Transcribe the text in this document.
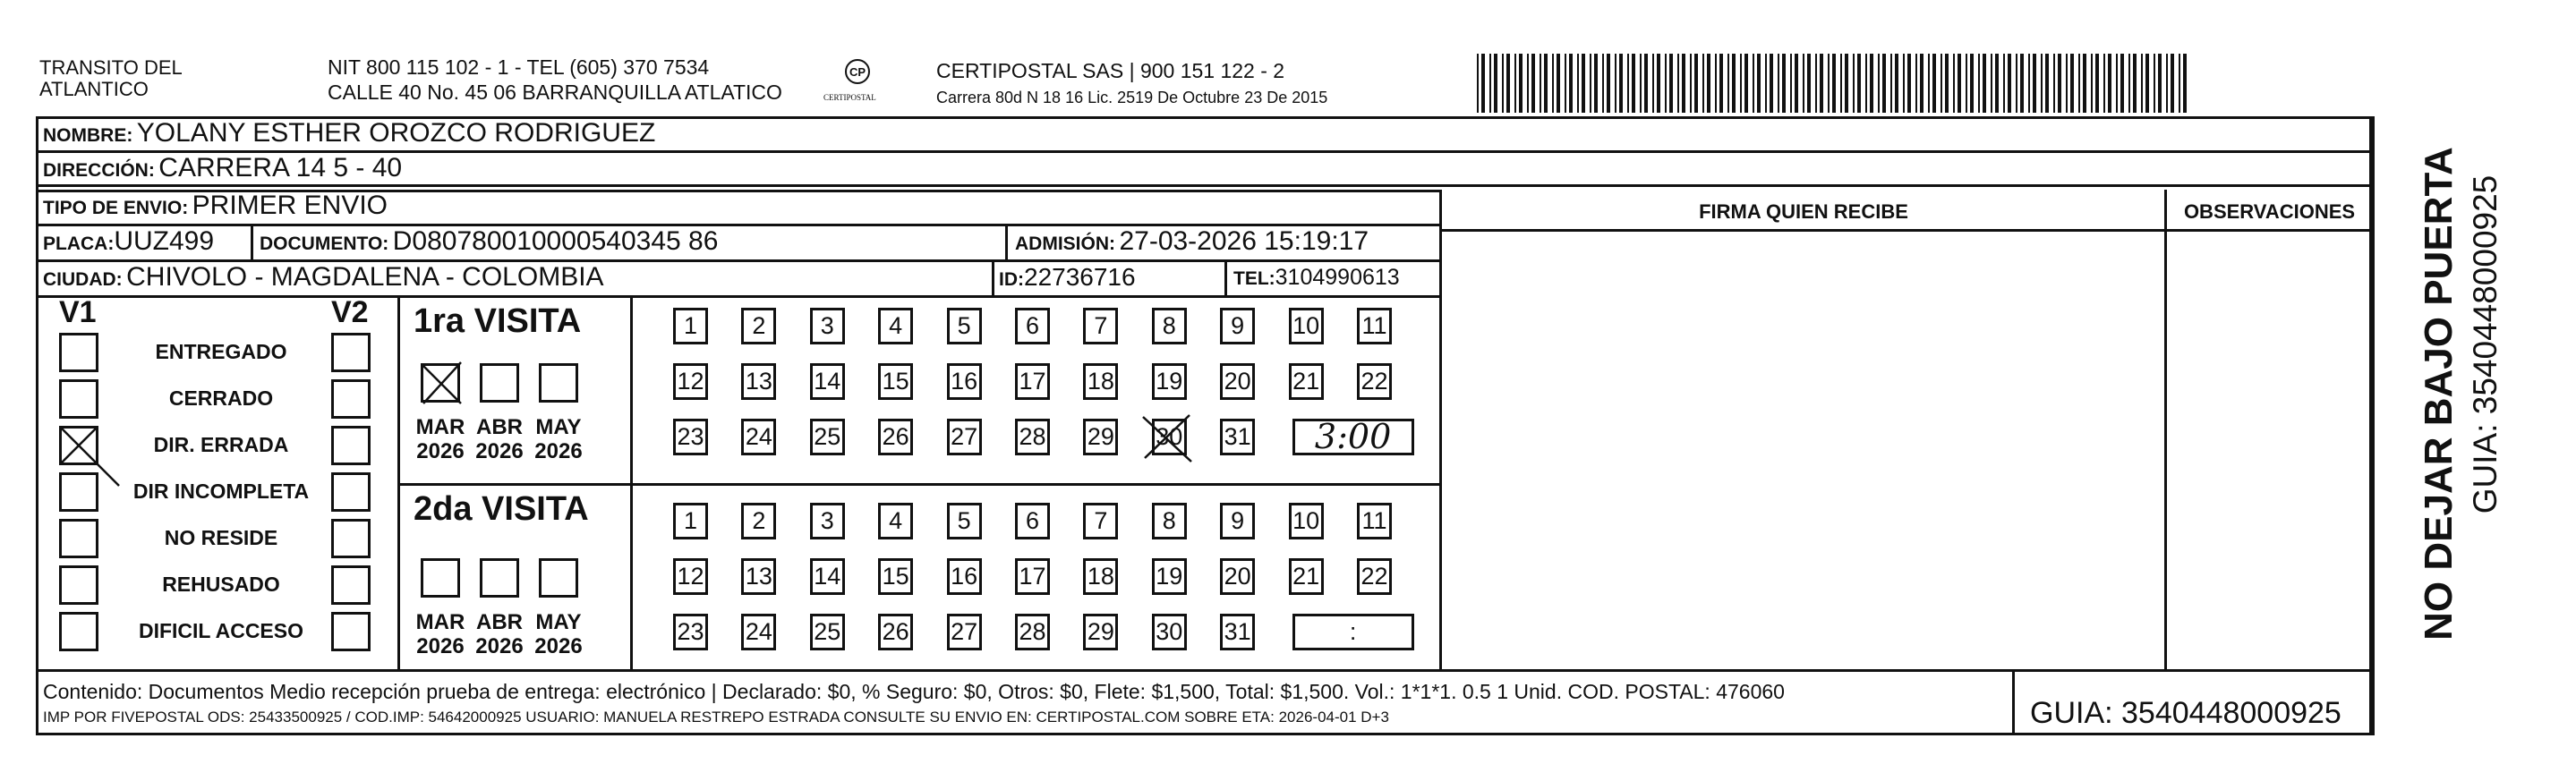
TRANSITO DEL
ATLANTICO
NIT 800 115 102 - 1 - TEL (605) 370 7534
CALLE 40 No. 45 06 BARRANQUILLA ATLATICO
CP
CERTIPOSTAL
CERTIPOSTAL SAS | 900 151 122 - 2
Carrera 80d N 18 16 Lic. 2519 De Octubre 23 De 2015
NOMBRE: YOLANY ESTHER OROZCO RODRIGUEZ
DIRECCIÓN: CARRERA 14 5 - 40
TIPO DE ENVIO: PRIMER ENVIO
PLACA:UUZ499 DOCUMENTO: D080780010000540345 86	ADMISIÓN: 27-03-2026 15:19:17
CIUDAD: CHIVOLO - MAGDALENA - COLOMBIA	ID:22736716	TEL:3104990613
FIRMA QUIEN RECIBE	OBSERVACIONES
V1	V2
ENTREGADO
CERRADO
DIR. ERRADA
DIR INCOMPLETA
NO RESIDE
REHUSADO
DIFICIL ACCESO
1ra VISITA
2da VISITA
MAR
2026
ABR
2026
MAY
2026
MAR
2026
ABR
2026
MAY
2026
1	2	3	4	5	6	7	8	9	10 11
12 13 14 15 16 17 18 19 20 21 22
23 24 25 26 27 28 29 30 31	3:00
1	2	3	4	5	6	7	8	9	10 11
12 13 14 15 16 17 18 19 20 21 22
23 24 25 26 27 28 29 30 31	:
Contenido: Documentos Medio recepción prueba de entrega: electrónico | Declarado: $0, % Seguro: $0, Otros: $0, Flete: $1,500, Total: $1,500. Vol.: 1*1*1. 0.5 1 Unid. COD. POSTAL: 476060
IMP POR FIVEPOSTAL ODS: 25433500925 / COD.IMP: 54642000925 USUARIO: MANUELA RESTREPO ESTRADA CONSULTE SU ENVIO EN: CERTIPOSTAL.COM SOBRE ETA: 2026-04-01 D+3	GUIA: 3540448000925
NO DEJAR BAJO PUERTA GUIA: 3540448000925
